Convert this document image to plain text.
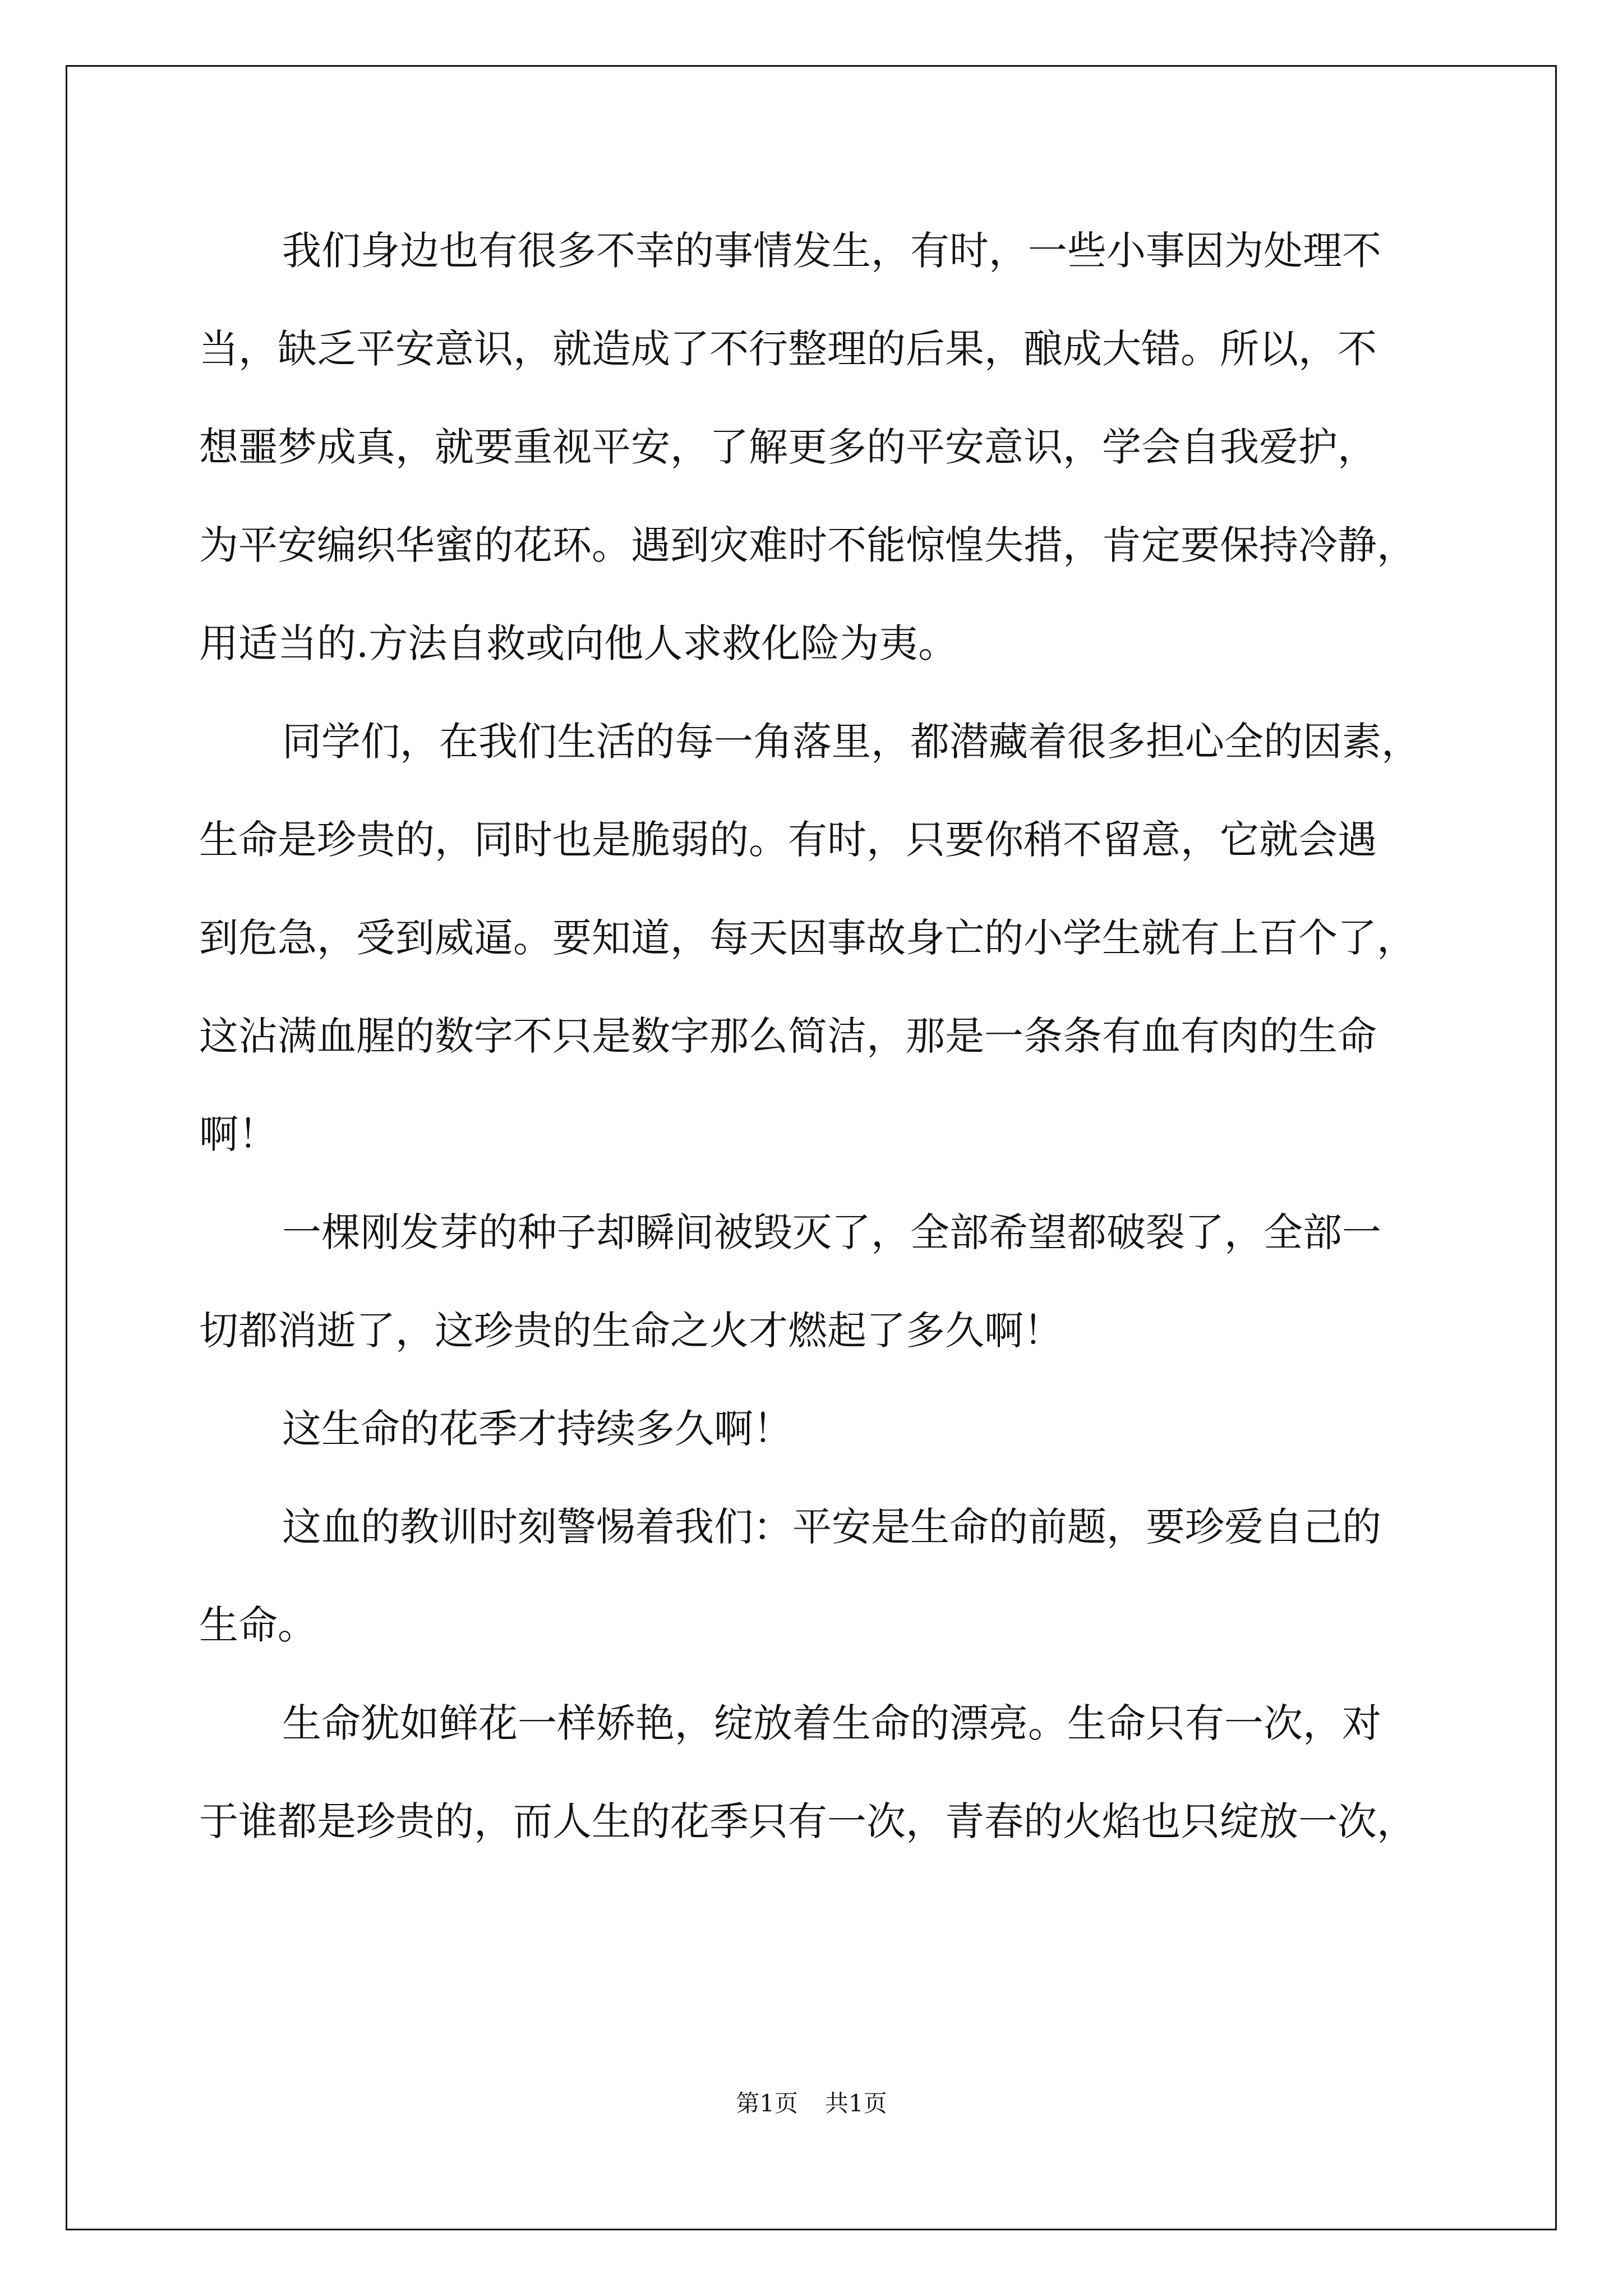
我们身边也有很多不幸的事情发生，有时，一些小事因为处理不
当，缺乏平安意识，就造成了不行整理的后果，酿成大错。所以，不
想噩梦成真，就要重视平安，了解更多的平安意识，学会自我爱护，
为平安编织华蜜的花环。遇到灾难时不能惊惶失措，肯定要保持冷静，
用适当的.方法自救或向他人求救化险为夷。
同学们，在我们生活的每一角落里，都潜藏着很多担心全的因素，
生命是珍贵的，同时也是脆弱的。有时，只要你稍不留意，它就会遇
到危急，受到威逼。要知道，每天因事故身亡的小学生就有上百个了，
这沾满血腥的数字不只是数字那么简洁，那是一条条有血有肉的生命
啊！
一棵刚发芽的种子却瞬间被毁灭了，全部希望都破裂了，全部一
切都消逝了，这珍贵的生命之火才燃起了多久啊！
这生命的花季才持续多久啊！
这血的教训时刻警惕着我们：平安是生命的前题，要珍爱自己的
生命。
生命犹如鲜花一样娇艳，绽放着生命的漂亮。生命只有一次，对
于谁都是珍贵的，而人生的花季只有一次，青春的火焰也只绽放一次，
第1页 共1页
